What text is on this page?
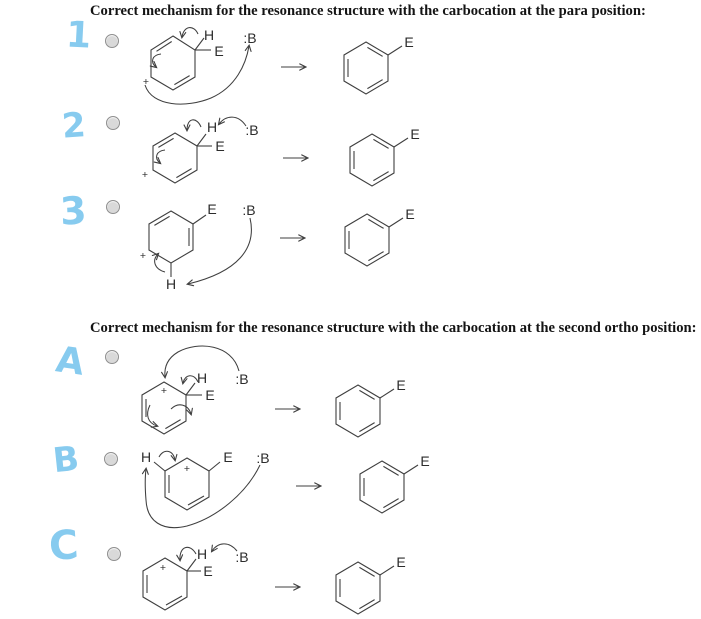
Correct mechanism for the resonance structure with the carbocation at the para position:
Correct mechanism for the resonance structure with the carbocation at the second ortho position:
1
2
3
A
B
C
H
E
:B
+
E
H
E
:B
+
E
E
H
:B
+
E
H
E
:B
+	E
H	E :B
+	E
H
E
:B
+	E
